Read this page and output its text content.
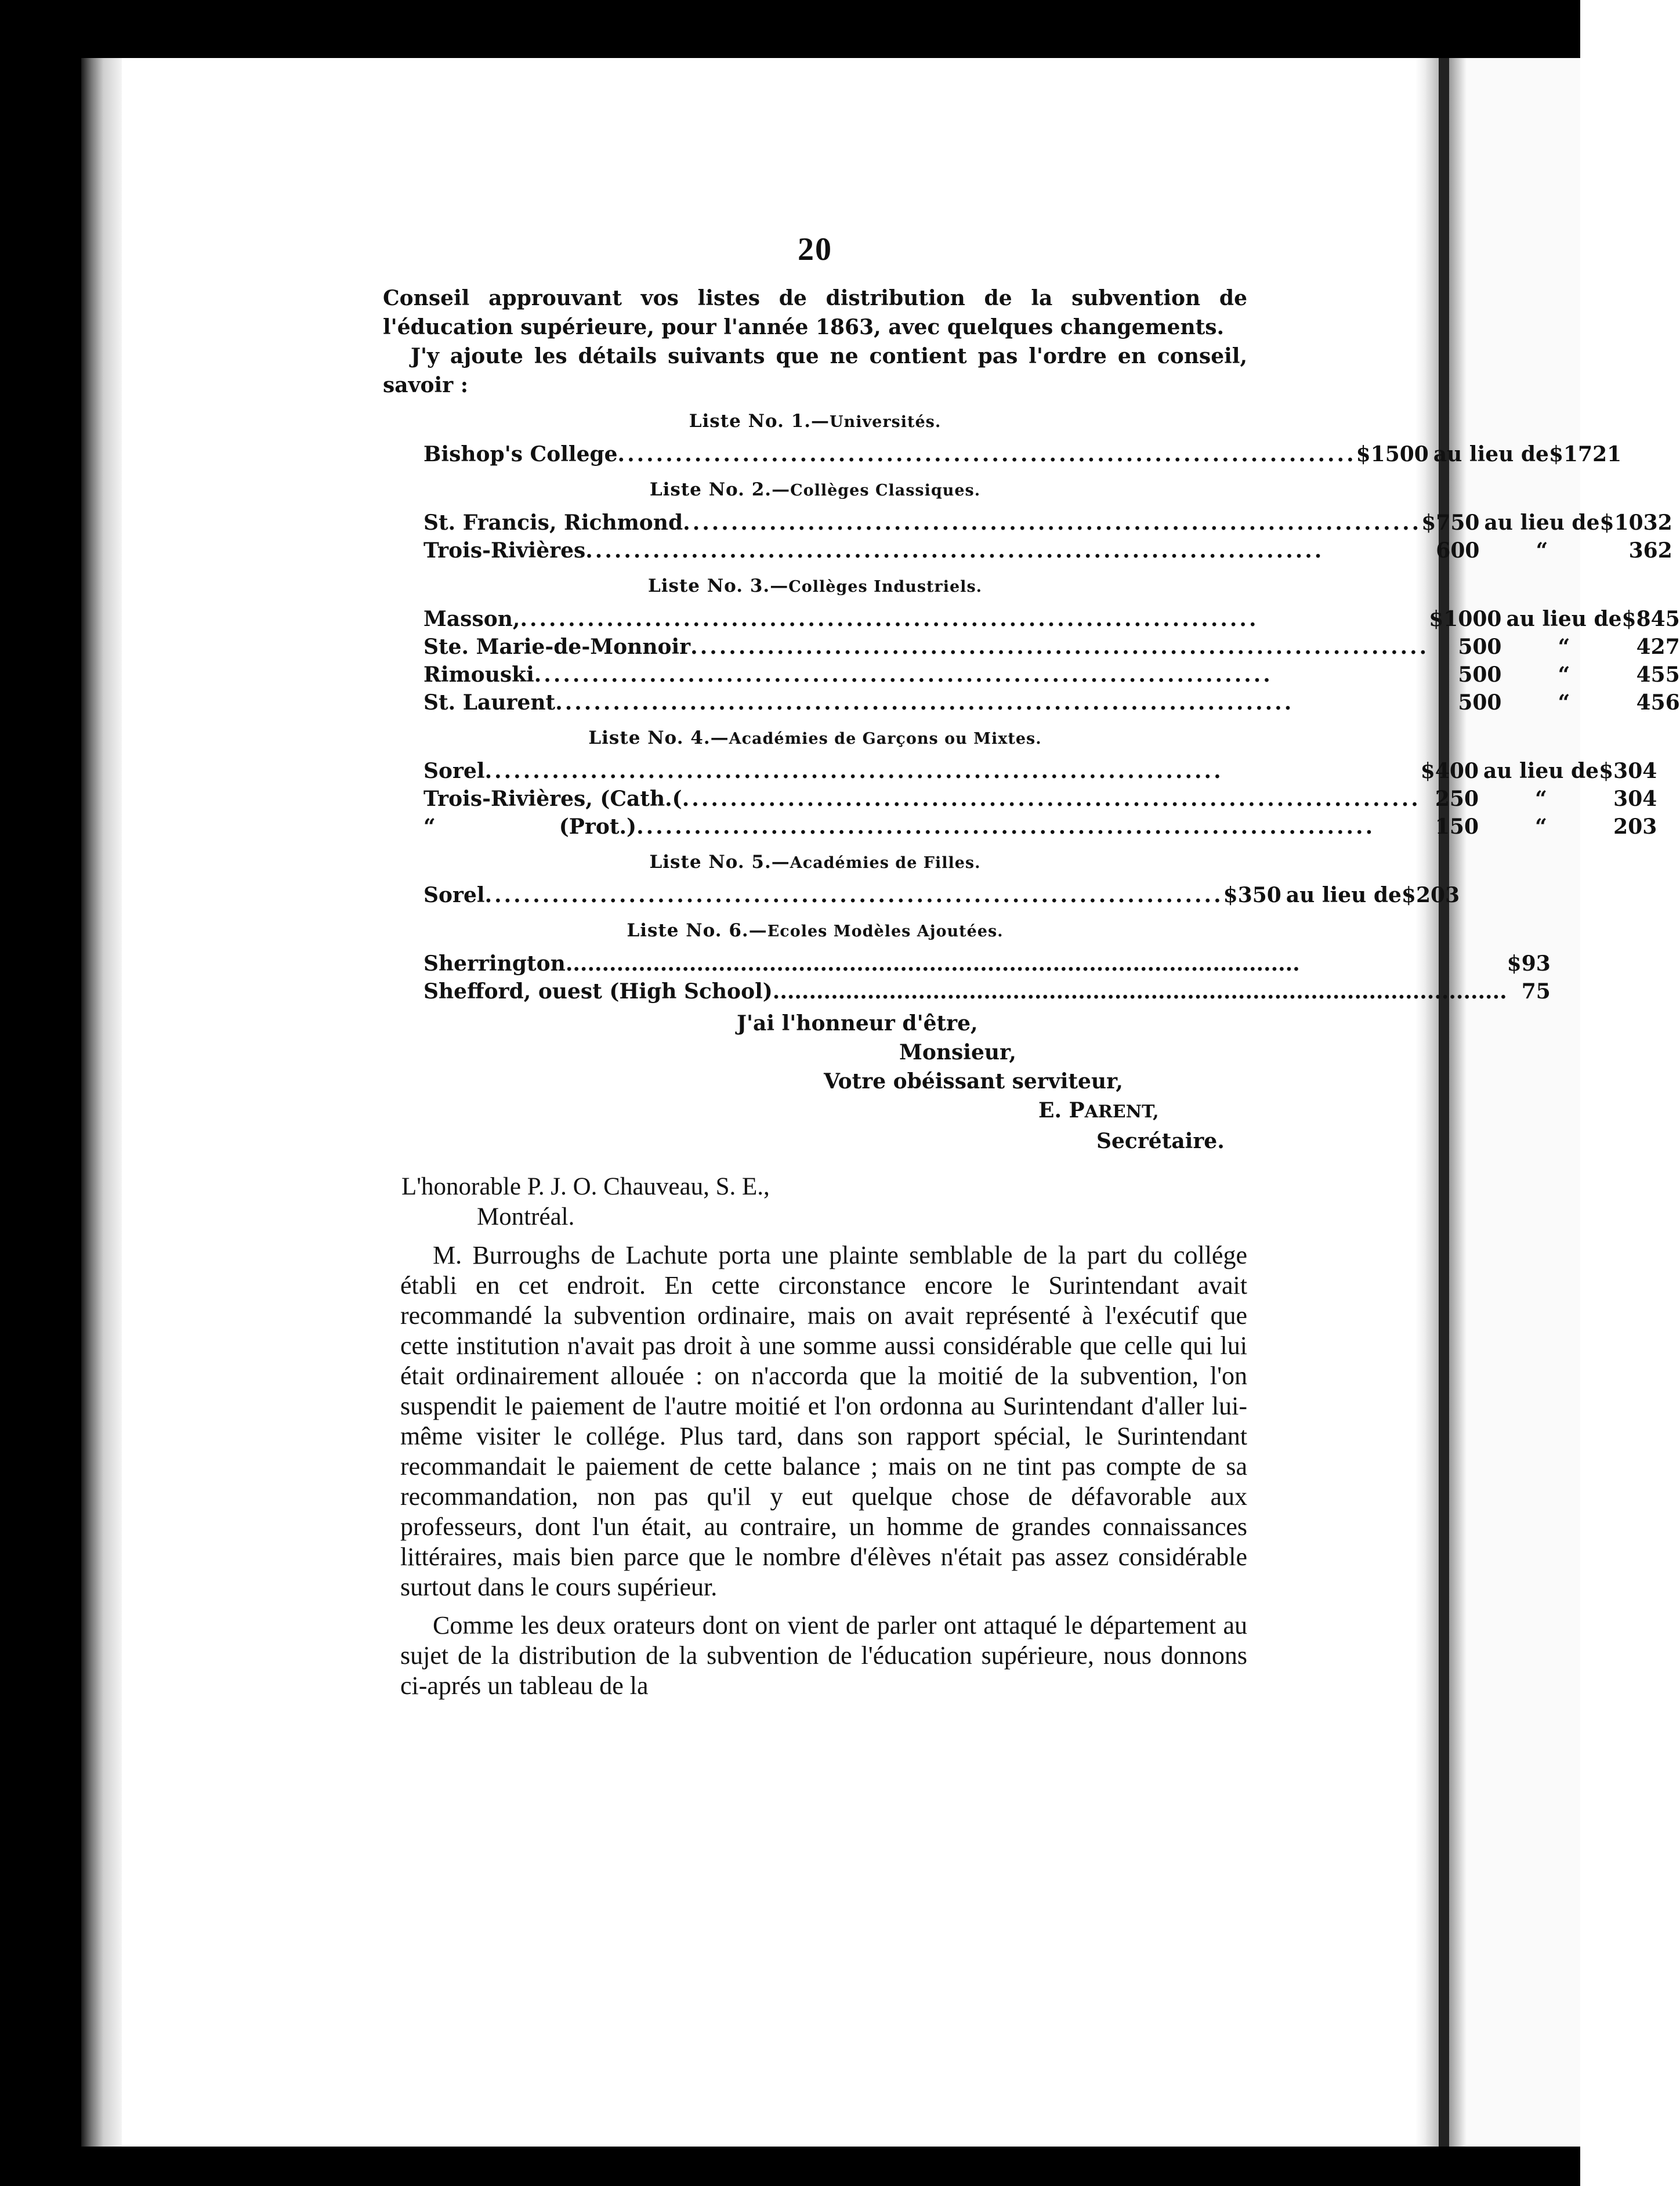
20

Conseil approuvant vos listes de distribution de la subvention de l'éducation supérieure, pour l'année 1863, avec quelques changements.

J'y ajoute les détails suivants que ne contient pas l'ordre en conseil, savoir :

Liste No. 1.—Universités.
Bishop's College.............................................................................		$1500	au lieu de		$1721
Liste No. 2.—Collèges Classiques.
St. Francis, Richmond.............................................................................	$	750	au lieu de		$1032
Trois-Rivières.............................................................................		600	“		362
Liste No. 3.—Collèges Industriels.
Masson,.............................................................................		$1000	au lieu de	$	845
Ste. Marie-de-Monnoir.............................................................................		500	“		427
Rimouski.............................................................................		500	“		455
St. Laurent.............................................................................		500	“		456
Liste No. 4.—Académies de Garçons ou Mixtes.
Sorel.............................................................................	$	400	au lieu de	$	304
Trois-Rivières, (Cath.(.............................................................................		250	“		304
“                 (Prot.).............................................................................		150	“		203
Liste No. 5.—Académies de Filles.
Sorel.............................................................................	$	350	au lieu de	$	203
Liste No. 6.—Ecoles Modèles Ajoutées.
Sherrington.....................................................................................................	$93
Shefford, ouest (High School).....................................................................................................	75

J'ai l'honneur d'être,

Monsieur,

Votre obéissant serviteur,

E. PARENT,

Secrétaire.

L'honorable P. J. O. Chauveau, S. E.,
Montréal.

M. Burroughs de Lachute porta une plainte semblable de la part du collége établi en cet endroit. En cette circonstance encore le Surintendant avait recommandé la subvention ordinaire, mais on avait représenté à l'exécutif que cette institution n'avait pas droit à une somme aussi considérable que celle qui lui était ordinairement allouée : on n'accorda que la moitié de la subvention, l'on suspendit le paiement de l'autre moitié et l'on ordonna au Surintendant d'aller lui-même visiter le collége. Plus tard, dans son rapport spécial, le Surintendant recommandait le paiement de cette balance ; mais on ne tint pas compte de sa recommandation, non pas qu'il y eut quelque chose de défavorable aux professeurs, dont l'un était, au contraire, un homme de grandes connaissances littéraires, mais bien parce que le nombre d'élèves n'était pas assez considérable surtout dans le cours supérieur.

Comme les deux orateurs dont on vient de parler ont attaqué le département au sujet de la distribution de la subvention de l'éducation supérieure, nous donnons ci-aprés un tableau de la
